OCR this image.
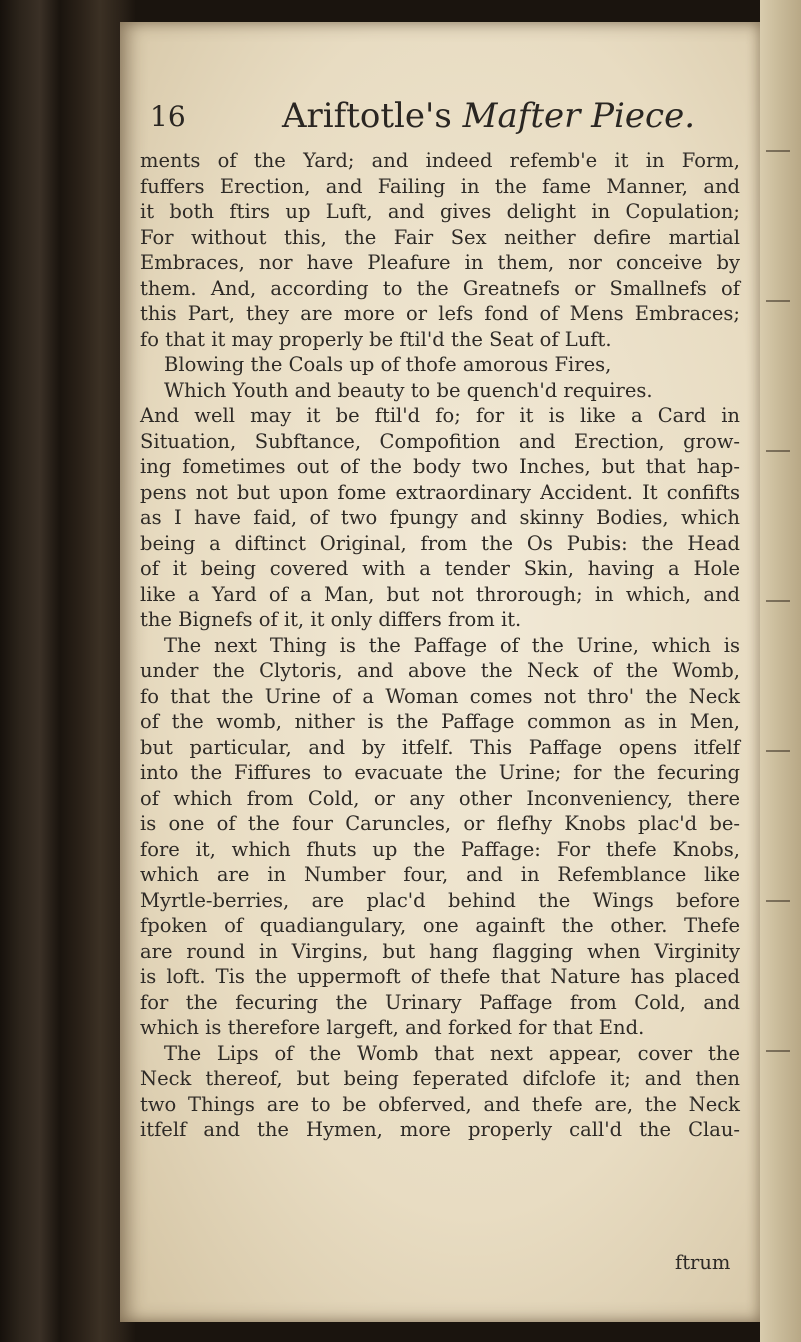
16	Ariftotle's Mafter Piece.
ments of the Yard; and indeed refemb'e it in Form,
fuffers Erection, and Failing in the fame Manner, and
it both ftirs up Luft, and gives delight in Copulation;
For without this, the Fair Sex neither defire martial
Embraces, nor have Pleafure in them, nor conceive by
them. And, according to the Greatnefs or Smallnefs of
this Part, they are more or lefs fond of Mens Embraces;
fo that it may properly be ftil'd the Seat of Luft.
Blowing the Coals up of thofe amorous Fires,
Which Youth and beauty to be quench'd requires.
And well may it be ftil'd fo; for it is like a Card in
Situation, Subftance, Compofition and Erection, grow-
ing fometimes out of the body two Inches, but that hap-
pens not but upon fome extraordinary Accident. It confifts
as I have faid, of two fpungy and skinny Bodies, which
being a diftinct Original, from the Os Pubis: the Head
of it being covered with a tender Skin, having a Hole
like a Yard of a Man, but not throrough; in which, and
the Bignefs of it, it only differs from it.
The next Thing is the Paffage of the Urine, which is
under the Clytoris, and above the Neck of the Womb,
fo that the Urine of a Woman comes not thro' the Neck
of the womb, nither is the Paffage common as in Men,
but particular, and by itfelf. This Paffage opens itfelf
into the Fiffures to evacuate the Urine; for the fecuring
of which from Cold, or any other Inconveniency, there
is one of the four Caruncles, or flefhy Knobs plac'd be-
fore it, which fhuts up the Paffage: For thefe Knobs,
which are in Number four, and in Refemblance like
Myrtle-berries, are plac'd behind the Wings before
fpoken of quadiangulary, one againft the other. Thefe
are round in Virgins, but hang flagging when Virginity
is loft. Tis the uppermoft of thefe that Nature has placed
for the fecuring the Urinary Paffage from Cold, and
which is therefore largeft, and forked for that End.
The Lips of the Womb that next appear, cover the
Neck thereof, but being feperated difclofe it; and then
two Things are to be obferved, and thefe are, the Neck
itfelf and the Hymen, more properly call'd the Clau-
ftrum
